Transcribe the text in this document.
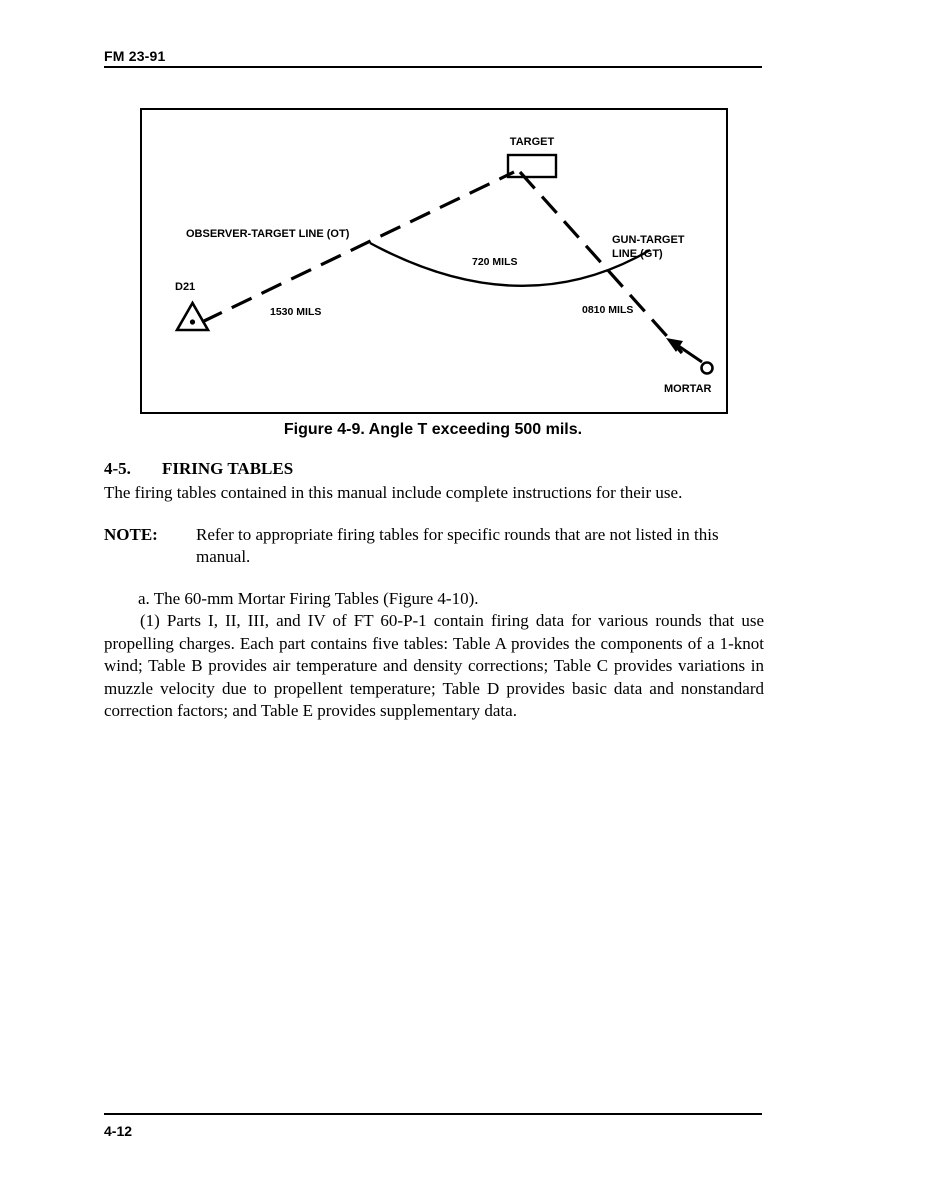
FM 23-91
TARGET
OBSERVER-TARGET LINE (OT)	GUN-TARGET
LINE (GT)
D21
1530 MILS
720 MILS
0810 MILS
MORTAR
Figure 4-9. Angle T exceeding 500 mils.
4-5. FIRING TABLES
The firing tables contained in this manual include complete instructions for their use.
NOTE:	Refer to appropriate firing tables for specific rounds that are not listed in this
manual.
a. The 60-mm Mortar Firing Tables (Figure 4-10).
(1) Parts I, II, III, and IV of FT 60-P-1 contain firing data for various rounds that use propelling charges. Each part contains five tables: Table A provides the components of a 1-knot wind; Table B provides air temperature and density corrections; Table C provides variations in muzzle velocity due to propellent temperature; Table D provides basic data and nonstandard correction factors; and Table E provides supplementary data.
4-12
